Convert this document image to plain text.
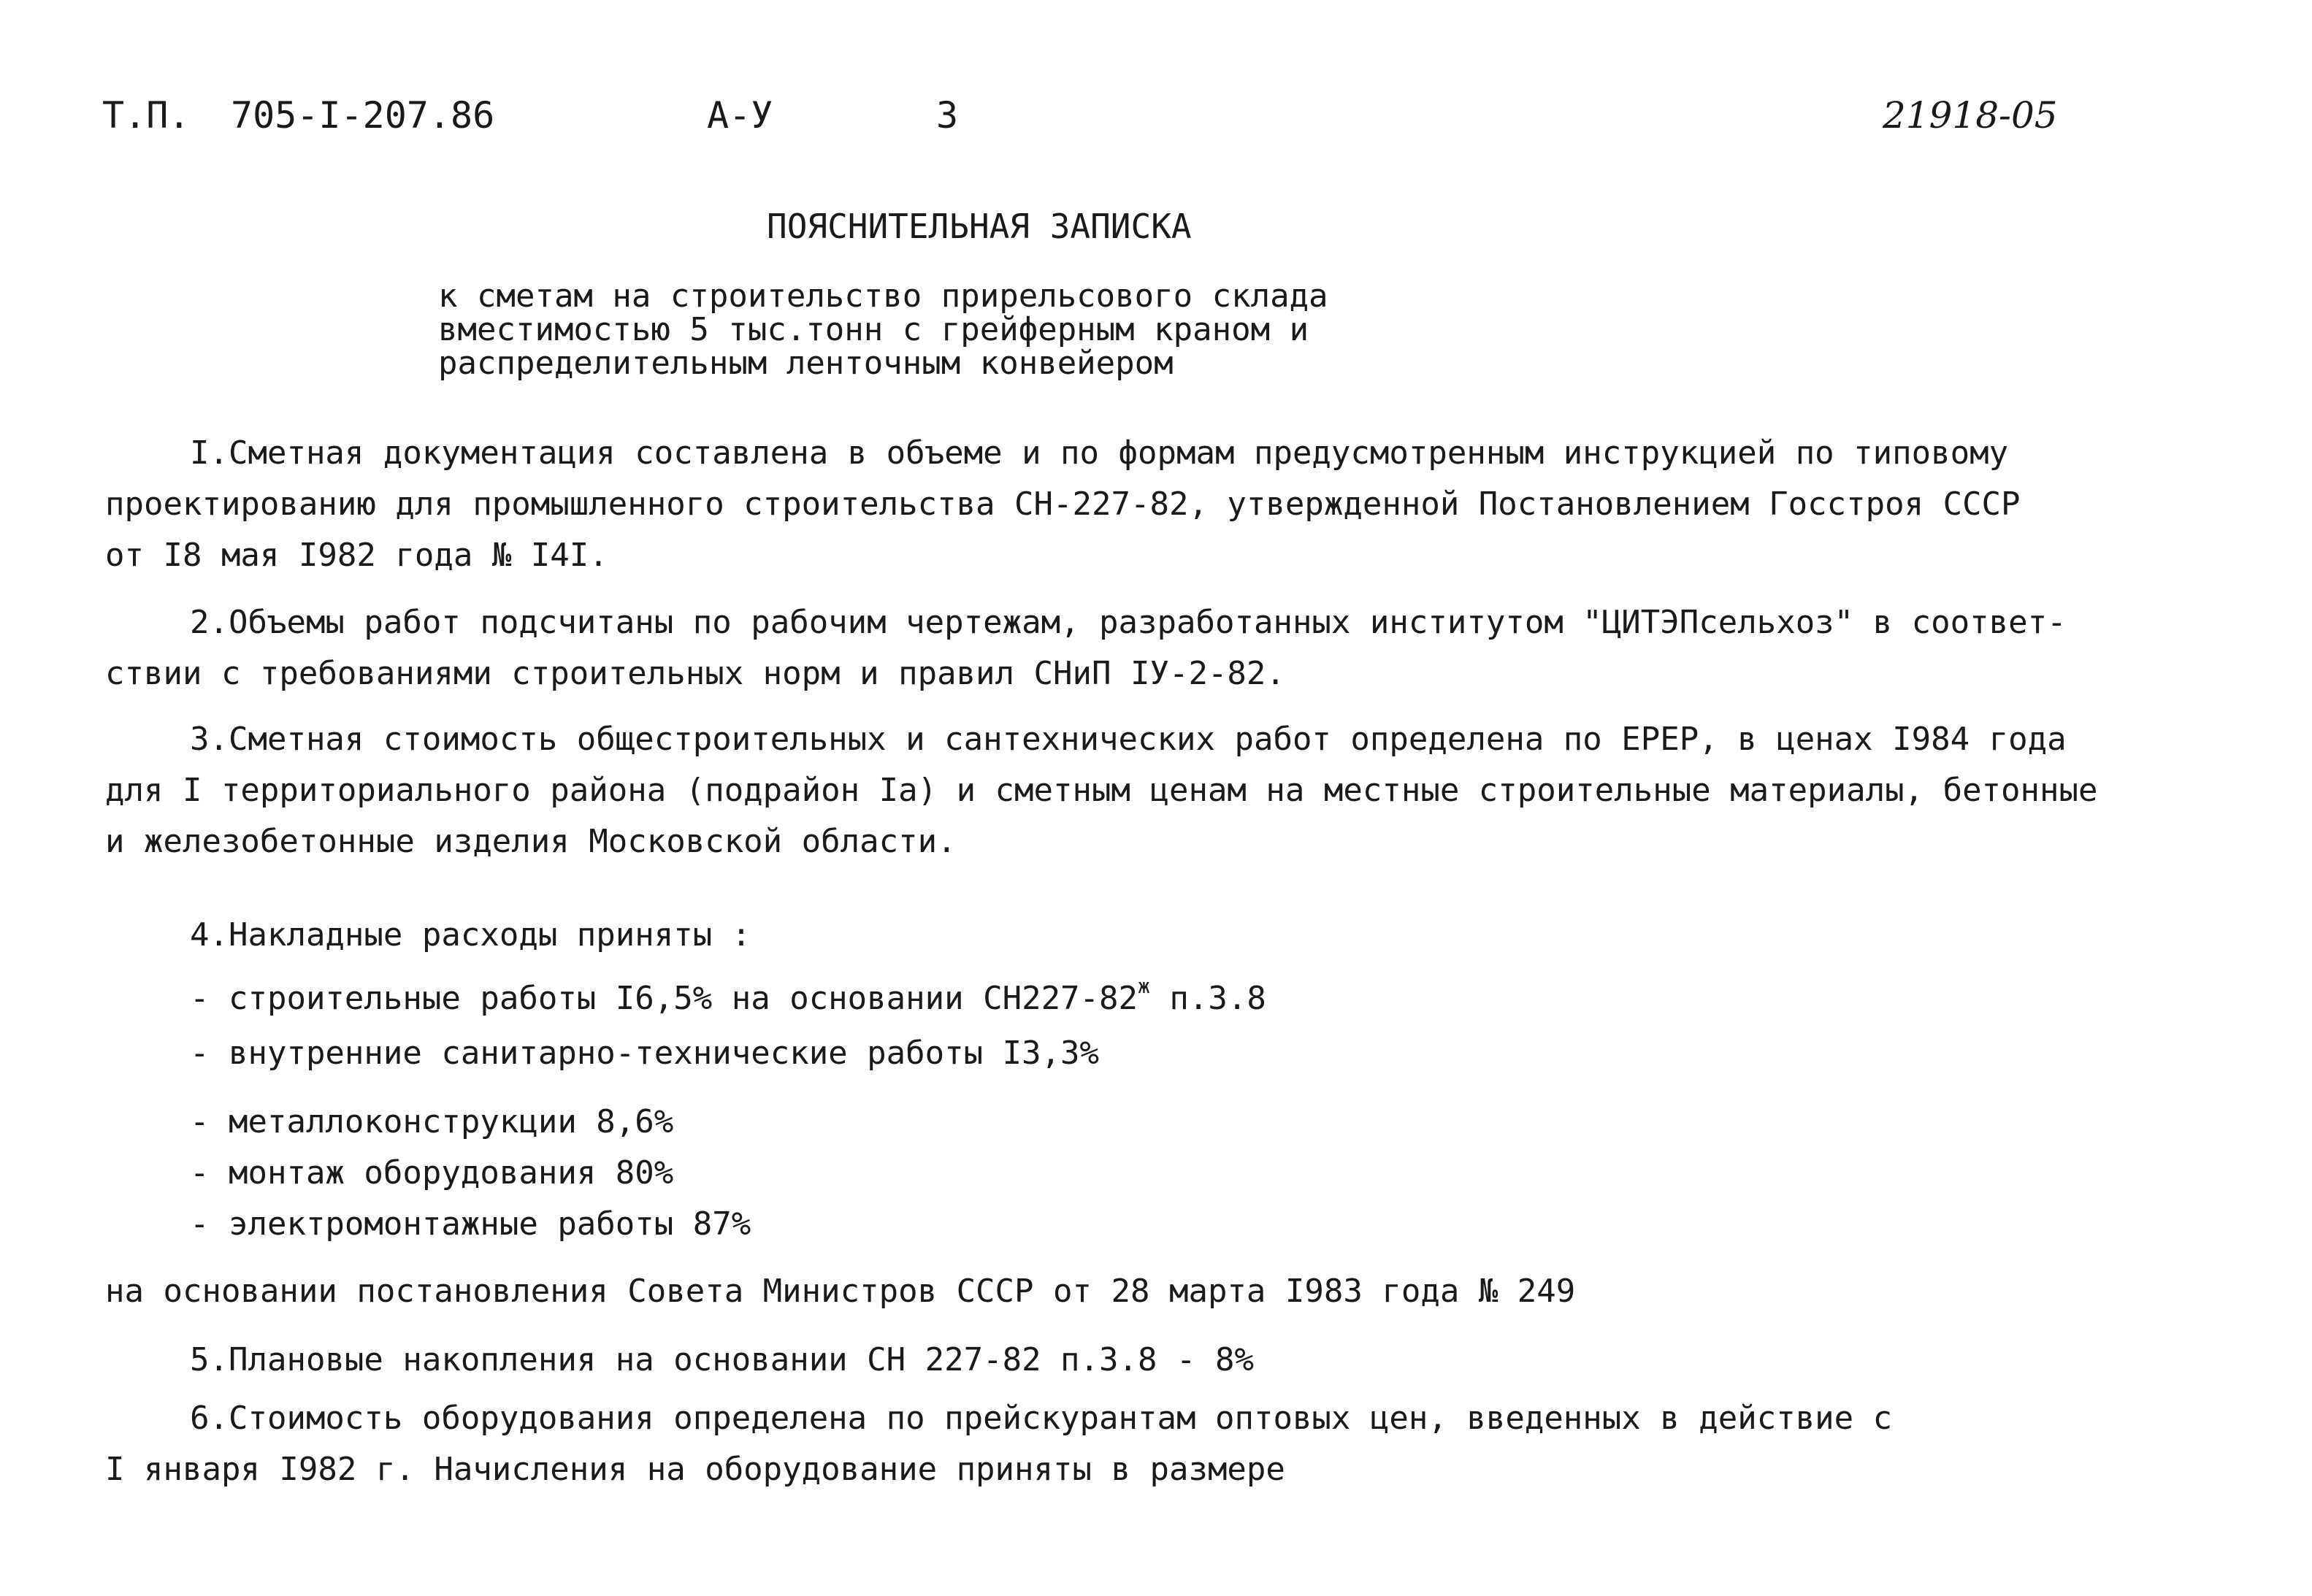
Т.П. 705-I-207.86	А-У	3	21918-05
ПОЯСНИТЕЛЬНАЯ ЗАПИСКА
к сметам на строительство прирельсового склада
вместимостью 5 тыс.тонн с грейферным краном и
распределительным ленточным конвейером
I.Сметная документация составлена в объеме и по формам предусмотренным инструкцией по типовому
проектированию для промышленного строительства СН-227-82, утвержденной Постановлением Госстроя СССР
от I8 мая I982 года № I4I.
2.Объемы работ подсчитаны по рабочим чертежам, разработанных институтом "ЦИТЭПсельхоз" в соответ-
ствии с требованиями строительных норм и правил СНиП IУ-2-82.
3.Сметная стоимость общестроительных и сантехнических работ определена по ЕРЕР, в ценах I984 года
для I территориального района (подрайон Iа) и сметным ценам на местные строительные материалы, бетонные
и железобетонные изделия Московской области.
4.Накладные расходы приняты :
- строительные работы I6,5% на основании $СН227-82^ж$ п.3.8
- внутренние санитарно-технические работы I3,3%
- металлоконструкции 8,6%
- монтаж оборудования 80%
- электромонтажные работы 87%
на основании постановления Совета Министров СССР от 28 марта I983 года № 249
5.Плановые накопления на основании СН 227-82 п.3.8 - 8%
6.Стоимость оборудования определена по прейскурантам оптовых цен, введенных в действие с
I января I982 г. Начисления на оборудование приняты в размере
